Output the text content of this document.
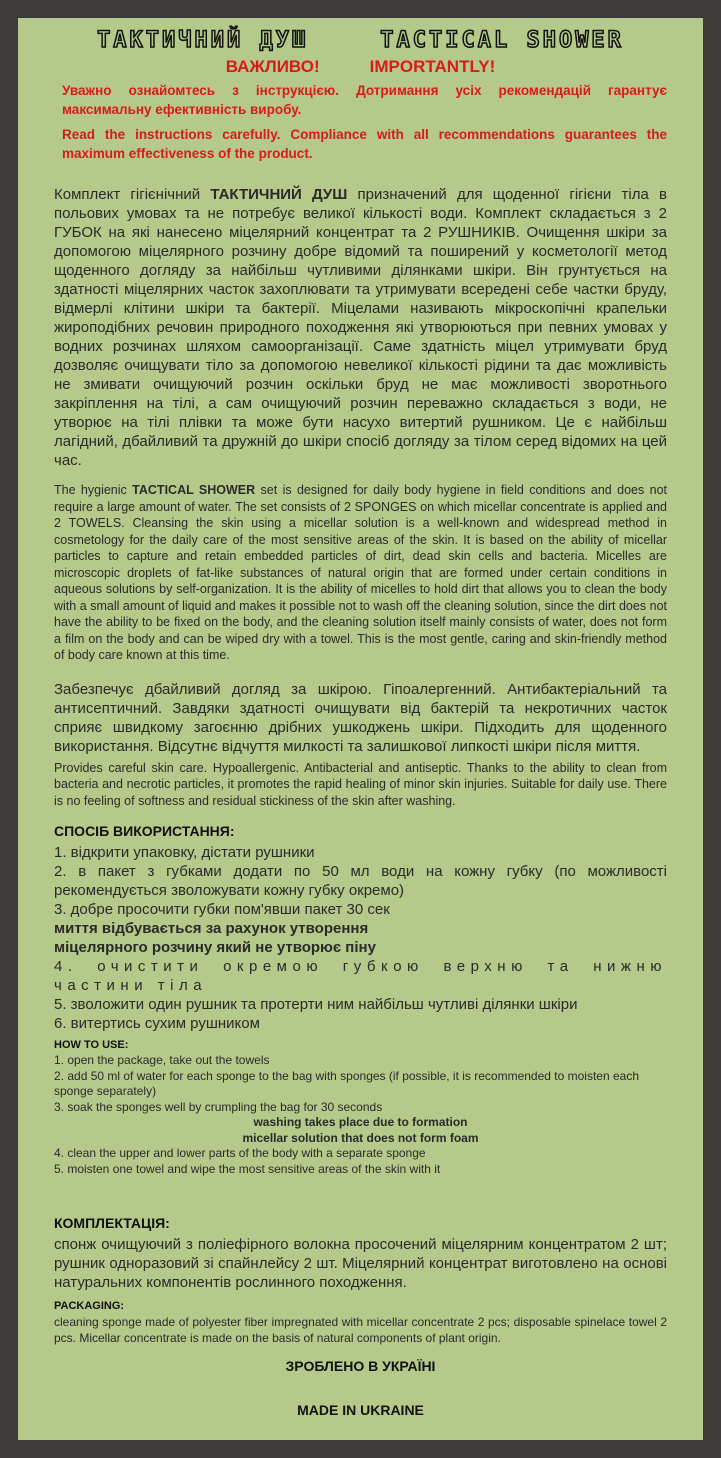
ТАКТИЧНИЙ ДУШ	TACTICAL SHOWER
ВАЖЛИВО!	IMPORTANTLY!
Уважно ознайомтесь з інструкцією. Дотримання усіх рекомендацій гарантує максимальну ефективність виробу.
Read the instructions carefully. Compliance with all recommendations guarantees the maximum effectiveness of the product.

Комплект гігієнічний ТАКТИЧНИЙ ДУШ призначений для щоденної гігієни тіла в польових умовах та не потребує великої кількості води. Комплект складається з 2 ГУБОК на які нанесено міцелярний концентрат та 2 РУШНИКІВ. Очищення шкіри за допомогою міцелярного розчину добре відомий та поширений у косметології метод щоденного догляду за найбільш чутливими ділянками шкіри. Він грунтується на здатності міцелярних часток захоплювати та утримувати всередені себе частки бруду, відмерлі клітини шкіри та бактерії. Міцелами називають мікроскопічні крапельки жироподібних речовин природного походження які утворюються при певних умовах у водних розчинах шляхом самоорганізації. Саме здатність міцел утримувати бруд дозволяє очищувати тіло за допомогою невеликої кількості рідини та дає можливість не змивати очищуючий розчин оскільки бруд не має можливості зворотнього закріплення на тілі, а сам очищуючий розчин переважно складається з води, не утворює на тілі плівки та може бути насухо витертий рушником. Це є найбільш лагідний, дбайливий та дружній до шкіри спосіб догляду за тілом серед відомих на цей час.

The hygienic TACTICAL SHOWER set is designed for daily body hygiene in field conditions and does not require a large amount of water. The set consists of 2 SPONGES on which micellar concentrate is applied and 2 TOWELS. Cleansing the skin using a micellar solution is a well-known and widespread method in cosmetology for the daily care of the most sensitive areas of the skin. It is based on the ability of micellar particles to capture and retain embedded particles of dirt, dead skin cells and bacteria. Micelles are microscopic droplets of fat-like substances of natural origin that are formed under certain conditions in aqueous solutions by self-organization. It is the ability of micelles to hold dirt that allows you to clean the body with a small amount of liquid and makes it possible not to wash off the cleaning solution, since the dirt does not have the ability to be fixed on the body, and the cleaning solution itself mainly consists of water, does not form a film on the body and can be wiped dry with a towel. This is the most gentle, caring and skin-friendly method of body care known at this time.

Забезпечує дбайливий догляд за шкірою. Гіпоалергенний. Антибактеріальний та антисептичний. Завдяки здатності очищувати від бактерій та некротичних часток сприяє швидкому загоєнню дрібних ушкоджень шкіри. Підходить для щоденного використання. Відсутнє відчуття милкості та залишкової липкості шкіри після миття.

Provides careful skin care. Hypoallergenic. Antibacterial and antiseptic. Thanks to the ability to clean from bacteria and necrotic particles, it promotes the rapid healing of minor skin injuries. Suitable for daily use. There is no feeling of softness and residual stickiness of the skin after washing.

СПОСІБ ВИКОРИСТАННЯ:
1. відкрити упаковку, дістати рушники
2. в пакет з губками додати по 50 мл води на кожну губку (по можливості рекомендується зволожувати кожну губку окремо)
3. добре просочити губки пом'явши пакет 30 сек
миття відбувається за рахунок утворення
міцелярного розчину який не утворює піну
4. очистити окремою губкою верхню та нижню частини тіла
5. зволожити один рушник та протерти ним найбільш чутливі ділянки шкіри
6. витертись сухим рушником
HOW TO USE:
1. open the package, take out the towels
2. add 50 ml of water for each sponge to the bag with sponges (if possible, it is recommended to moisten each sponge separately)
3. soak the sponges well by crumpling the bag for 30 seconds
washing takes place due to formation
micellar solution that does not form foam
4. clean the upper and lower parts of the body with a separate sponge
5. moisten one towel and wipe the most sensitive areas of the skin with it
КОМПЛЕКТАЦІЯ:

спонж очищуючий з поліефірного волокна просочений міцелярним концентратом 2 шт; рушник одноразовий зі спайнлейсу 2 шт. Міцелярний концентрат виготовлено на основі натуральних компонентів рослинного походження.

PACKAGING:

cleaning sponge made of polyester fiber impregnated with micellar concentrate 2 pcs; disposable spinelace towel 2 pcs. Micellar concentrate is made on the basis of natural components of plant origin.

ЗРОБЛЕНО В УКРАЇНІ
MADE IN UKRAINE
